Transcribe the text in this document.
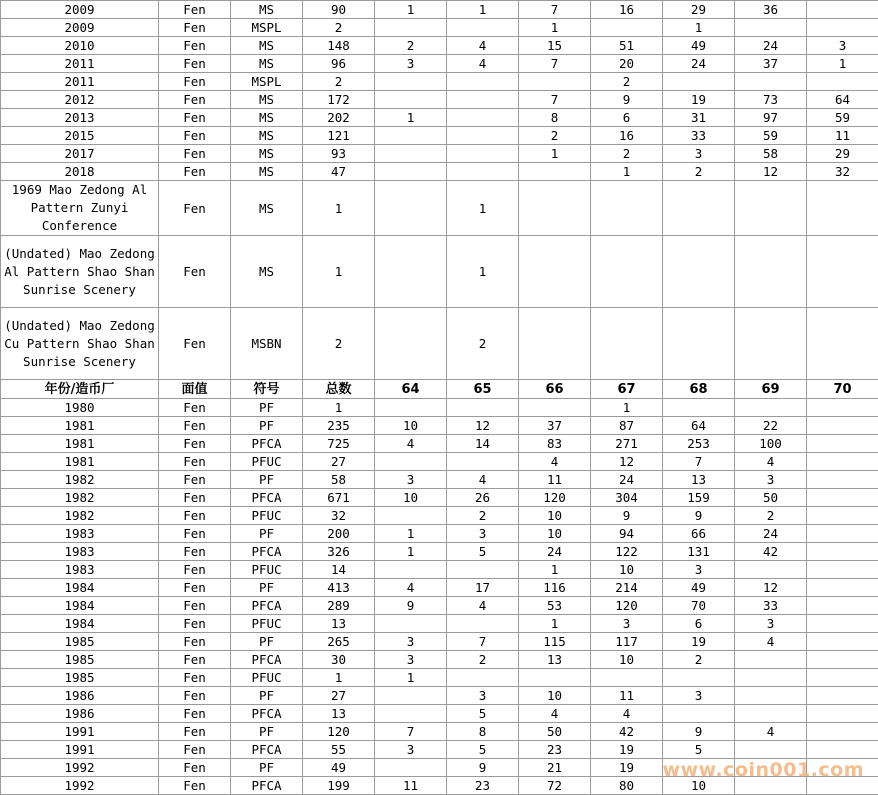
2009	Fen	MS	90	1	1	7	16	29	36	
2009	Fen	MSPL	2			1		1		
2010	Fen	MS	148	2	4	15	51	49	24	3
2011	Fen	MS	96	3	4	7	20	24	37	1
2011	Fen	MSPL	2				2			
2012	Fen	MS	172			7	9	19	73	64
2013	Fen	MS	202	1		8	6	31	97	59
2015	Fen	MS	121			2	16	33	59	11
2017	Fen	MS	93			1	2	3	58	29
2018	Fen	MS	47				1	2	12	32
1969 Mao Zedong Al Pattern Zunyi Conference	Fen	MS	1		1					
(Undated) Mao Zedong Al Pattern Shao Shan Sunrise Scenery	Fen	MS	1		1					
(Undated) Mao Zedong Cu Pattern Shao Shan Sunrise Scenery	Fen	MSBN	2		2					
年份/造币厂	面值	符号	总数	64	65	66	67	68	69	70
1980	Fen	PF	1				1			
1981	Fen	PF	235	10	12	37	87	64	22	
1981	Fen	PFCA	725	4	14	83	271	253	100	
1981	Fen	PFUC	27			4	12	7	4	
1982	Fen	PF	58	3	4	11	24	13	3	
1982	Fen	PFCA	671	10	26	120	304	159	50	
1982	Fen	PFUC	32		2	10	9	9	2	
1983	Fen	PF	200	1	3	10	94	66	24	
1983	Fen	PFCA	326	1	5	24	122	131	42	
1983	Fen	PFUC	14			1	10	3		
1984	Fen	PF	413	4	17	116	214	49	12	
1984	Fen	PFCA	289	9	4	53	120	70	33	
1984	Fen	PFUC	13			1	3	6	3	
1985	Fen	PF	265	3	7	115	117	19	4	
1985	Fen	PFCA	30	3	2	13	10	2		
1985	Fen	PFUC	1	1						
1986	Fen	PF	27		3	10	11	3		
1986	Fen	PFCA	13		5	4	4			
1991	Fen	PF	120	7	8	50	42	9	4	
1991	Fen	PFCA	55	3	5	23	19	5		
1992	Fen	PF	49		9	21	19			
1992	Fen	PFCA	199	11	23	72	80	10		
www.coin001.com
